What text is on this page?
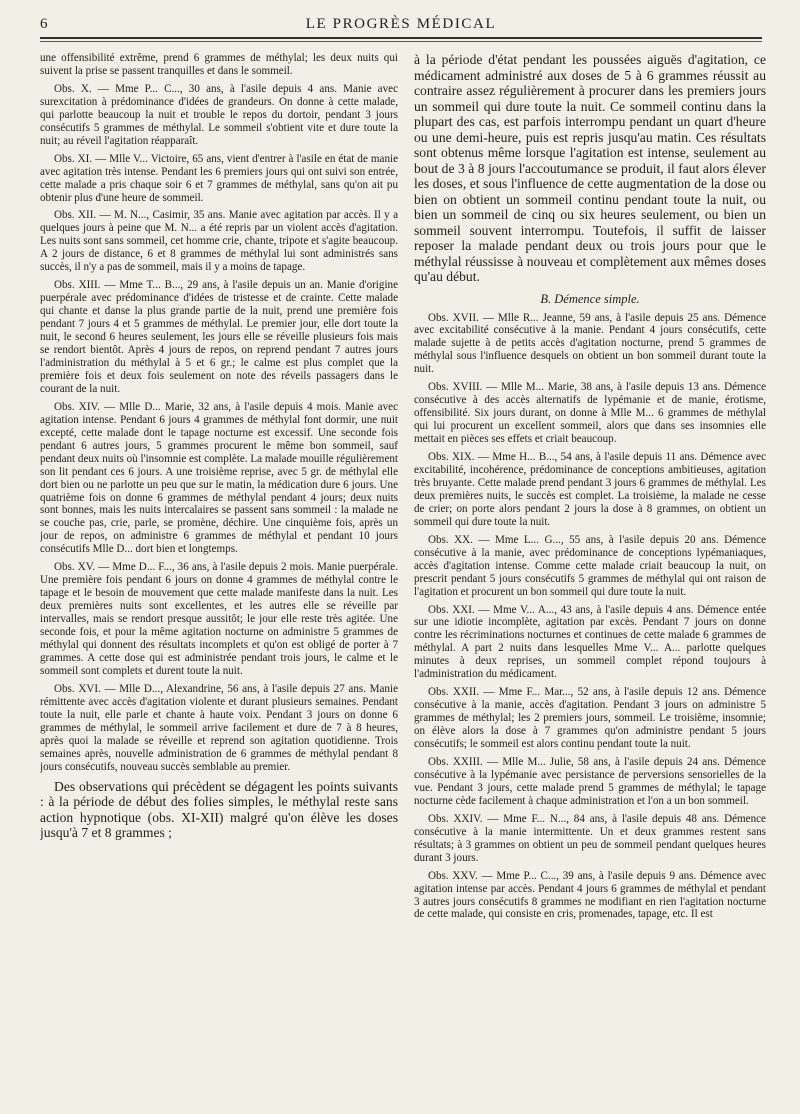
6	LE PROGRÈS MÉDICAL

une offensibilité extrême, prend 6 grammes de méthylal; les deux nuits qui suivent la prise se passent tranquilles et dans le sommeil.

Obs. X. — Mme P... C..., 30 ans, à l'asile depuis 4 ans. Manie avec surexcitation à prédominance d'idées de grandeurs. On donne à cette malade, qui parlotte beaucoup la nuit et trouble le repos du dortoir, pendant 3 jours consécutifs 5 grammes de méthylal. Le sommeil s'obtient vite et dure toute la nuit; au réveil l'agitation réapparaît.

Obs. XI. — Mlle V... Victoire, 65 ans, vient d'entrer à l'asile en état de manie avec agitation très intense. Pendant les 6 premiers jours qui ont suivi son entrée, cette malade a pris chaque soir 6 et 7 grammes de méthylal, sans qu'on ait pu obtenir plus d'une heure de sommeil.

Obs. XII. — M. N..., Casimir, 35 ans. Manie avec agitation par accès. Il y a quelques jours à peine que M. N... a été repris par un violent accès d'agitation. Les nuits sont sans sommeil, cet homme crie, chante, tripote et s'agite beaucoup. A 2 jours de distance, 6 et 8 grammes de méthylal lui sont administrés sans succès, il n'y a pas de sommeil, mais il y a moins de tapage.

Obs. XIII. — Mme T... B..., 29 ans, à l'asile depuis un an. Manie d'origine puerpérale avec prédominance d'idées de tristesse et de crainte. Cette malade qui chante et danse la plus grande partie de la nuit, prend une première fois pendant 7 jours 4 et 5 grammes de méthylal. Le premier jour, elle dort toute la nuit, le second 6 heures seulement, les jours elle se réveille plusieurs fois mais se rendort bientôt. Après 4 jours de repos, on reprend pendant 7 autres jours l'administration du méthylal à 5 et 6 gr.; le calme est plus complet que la première fois et deux fois seulement on note des réveils passagers dans le courant de la nuit.

Obs. XIV. — Mlle D... Marie, 32 ans, à l'asile depuis 4 mois. Manie avec agitation intense. Pendant 6 jours 4 grammes de méthylal font dormir, une nuit excepté, cette malade dont le tapage nocturne est excessif. Une seconde fois pendant 6 autres jours, 5 grammes procurent le même bon sommeil, sauf pendant deux nuits où l'insomnie est complète. La malade mouille régulièrement son lit pendant ces 6 jours. A une troisième reprise, avec 5 gr. de méthylal elle dort bien ou ne parlotte un peu que sur le matin, la médication dure 6 jours. Une quatrième fois on donne 6 grammes de méthylal pendant 4 jours; deux nuits sont bonnes, mais les nuits intercalaires se passent sans sommeil : la malade ne se couche pas, crie, parle, se promène, déchire. Une cinquième fois, après un jour de repos, on administre 6 grammes de méthylal et pendant 10 jours consécutifs Mlle D... dort bien et longtemps.

Obs. XV. — Mme D... F..., 36 ans, à l'asile depuis 2 mois. Manie puerpérale. Une première fois pendant 6 jours on donne 4 grammes de méthylal contre le tapage et le besoin de mouvement que cette malade manifeste dans la nuit. Les deux premières nuits sont excellentes, et les autres elle se réveille par intervalles, mais se rendort presque aussitôt; le jour elle reste très agitée. Une seconde fois, et pour la même agitation nocturne on administre 5 grammes de méthylal qui donnent des résultats incomplets et qu'on est obligé de porter à 7 grammes. A cette dose qui est administrée pendant trois jours, le calme et le sommeil sont complets et durent toute la nuit.

Obs. XVI. — Mlle D..., Alexandrine, 56 ans, à l'asile depuis 27 ans. Manie rémittente avec accès d'agitation violente et durant plusieurs semaines. Pendant toute la nuit, elle parle et chante à haute voix. Pendant 3 jours on donne 6 grammes de méthylal, le sommeil arrive facilement et dure de 7 à 8 heures, après quoi la malade se réveille et reprend son agitation quotidienne. Trois semaines après, nouvelle administration de 6 grammes de méthylal pendant 8 jours consécutifs, nouveau succès semblable au premier.

Des observations qui précèdent se dégagent les points suivants : à la période de début des folies simples, le méthylal reste sans action hypnotique (obs. XI-XII) malgré qu'on élève les doses jusqu'à 7 et 8 grammes ;

à la période d'état pendant les poussées aiguës d'agitation, ce médicament administré aux doses de 5 à 6 grammes réussit au contraire assez régulièrement à procurer dans les premiers jours un sommeil qui dure toute la nuit. Ce sommeil continu dans la plupart des cas, est parfois interrompu pendant un quart d'heure ou une demi-heure, puis est repris jusqu'au matin. Ces résultats sont obtenus même lorsque l'agitation est intense, seulement au bout de 3 à 8 jours l'accoutumance se produit, il faut alors élever les doses, et sous l'influence de cette augmentation de la dose ou bien on obtient un sommeil continu pendant toute la nuit, ou bien un sommeil de cinq ou six heures seulement, ou bien un sommeil souvent interrompu. Toutefois, il suffit de laisser reposer la malade pendant deux ou trois jours pour que le méthylal réussisse à nouveau et complètement aux mêmes doses qu'au début.

B. Démence simple.

Obs. XVII. — Mlle R... Jeanne, 59 ans, à l'asile depuis 25 ans. Démence avec excitabilité consécutive à la manie. Pendant 4 jours consécutifs, cette malade sujette à de petits accès d'agitation nocturne, prend 5 grammes de méthylal sous l'influence desquels on obtient un bon sommeil durant toute la nuit.

Obs. XVIII. — Mlle M... Marie, 38 ans, à l'asile depuis 13 ans. Démence consécutive à des accès alternatifs de lypémanie et de manie, érotisme, offensibilité. Six jours durant, on donne à Mlle M... 6 grammes de méthylal qui lui procurent un excellent sommeil, alors que dans ses insomnies elle mettait en pièces ses effets et criait beaucoup.

Obs. XIX. — Mme H... B..., 54 ans, à l'asile depuis 11 ans. Démence avec excitabilité, incohérence, prédominance de conceptions ambitieuses, agitation très bruyante. Cette malade prend pendant 3 jours 6 grammes de méthylal. Les deux premières nuits, le succès est complet. La troisième, la malade ne cesse de crier; on porte alors pendant 2 jours la dose à 8 grammes, on obtient un sommeil qui dure toute la nuit.

Obs. XX. — Mme L... G..., 55 ans, à l'asile depuis 20 ans. Démence consécutive à la manie, avec prédominance de conceptions lypémaniaques, accès d'agitation intense. Comme cette malade criait beaucoup la nuit, on prescrit pendant 5 jours consécutifs 5 grammes de méthylal qui ont raison de l'agitation et procurent un bon sommeil qui dure toute la nuit.

Obs. XXI. — Mme V... A..., 43 ans, à l'asile depuis 4 ans. Démence entée sur une idiotie incomplète, agitation par excès. Pendant 7 jours on donne contre les récriminations nocturnes et continues de cette malade 6 grammes de méthylal. A part 2 nuits dans lesquelles Mme V... A... parlotte quelques minutes à deux reprises, un sommeil complet répond toujours à l'administration du médicament.

Obs. XXII. — Mme F... Mar..., 52 ans, à l'asile depuis 12 ans. Démence consécutive à la manie, accès d'agitation. Pendant 3 jours on administre 5 grammes de méthylal; les 2 premiers jours, sommeil. Le troisième, insomnie; on élève alors la dose à 7 grammes qu'on administre pendant 5 jours consécutifs; le sommeil est alors continu pendant toute la nuit.

Obs. XXIII. — Mlle M... Julie, 58 ans, à l'asile depuis 24 ans. Démence consécutive à la lypémanie avec persistance de perversions sensorielles de la vue. Pendant 3 jours, cette malade prend 5 grammes de méthylal; le tapage nocturne cède facilement à chaque administration et l'on a un bon sommeil.

Obs. XXIV. — Mme F... N..., 84 ans, à l'asile depuis 48 ans. Démence consécutive à la manie intermittente. Un et deux grammes restent sans résultats; à 3 grammes on obtient un peu de sommeil pendant quelques heures durant 3 jours.

Obs. XXV. — Mme P... C..., 39 ans, à l'asile depuis 9 ans. Démence avec agitation intense par accès. Pendant 4 jours 6 grammes de méthylal et pendant 3 autres jours consécutifs 8 grammes ne modifiant en rien l'agitation nocturne de cette malade, qui consiste en cris, promenades, tapage, etc. Il est
